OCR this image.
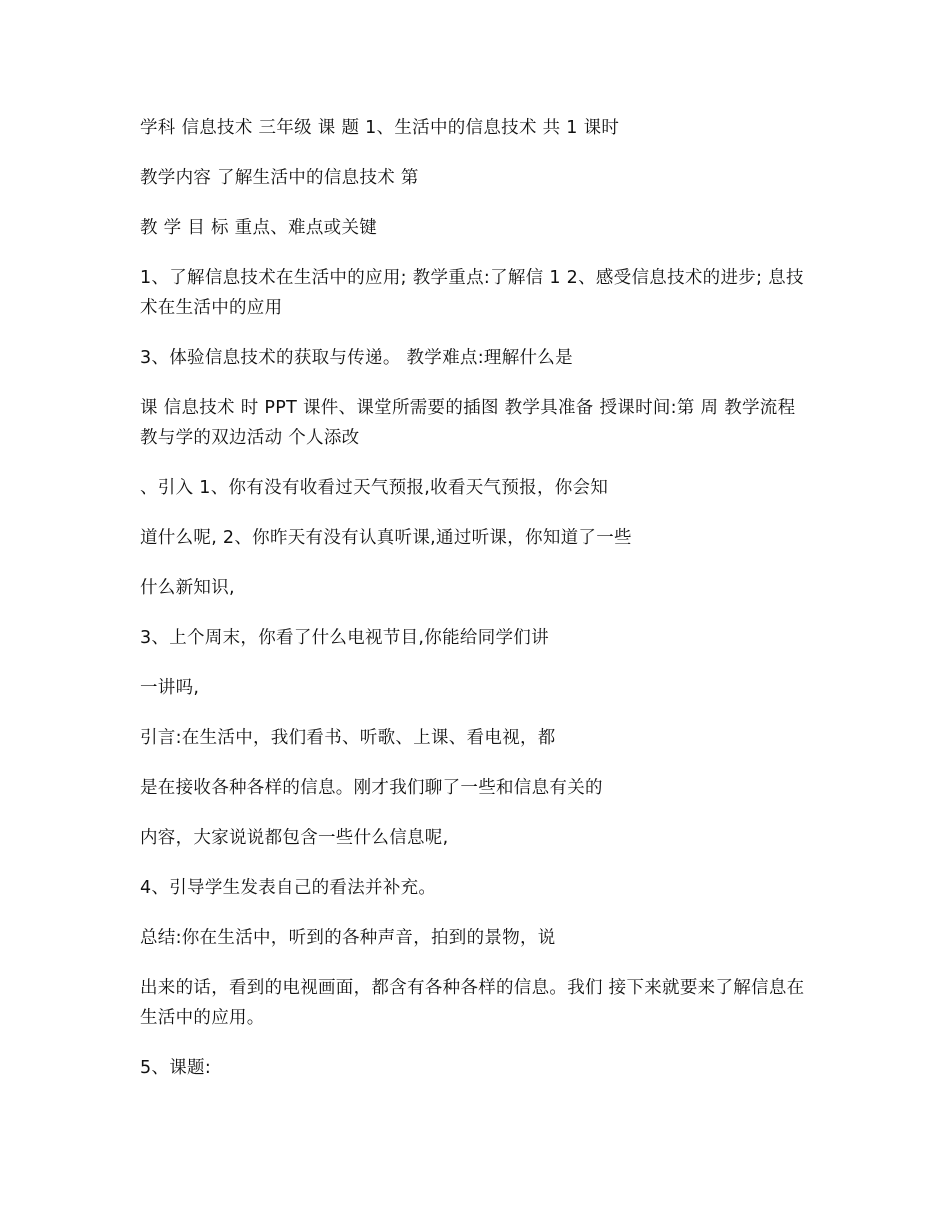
学科 信息技术 三年级 课 题 1、生活中的信息技术 共 1 课时

教学内容 了解生活中的信息技术 第

教 学 目 标 重点、难点或关键

1、了解信息技术在生活中的应用; 教学重点:了解信 1 2、感受信息技术的进步; 息技术在生活中的应用

3、体验信息技术的获取与传递。 教学难点:理解什么是

课 信息技术 时 PPT 课件、课堂所需要的插图 教学具准备 授课时间:第 周 教学流程 教与学的双边活动 个人添改

、引入 1、你有没有收看过天气预报,收看天气预报，你会知

道什么呢, 2、你昨天有没有认真听课,通过听课，你知道了一些

什么新知识,

3、上个周末，你看了什么电视节目,你能给同学们讲

一讲吗,

引言:在生活中，我们看书、听歌、上课、看电视，都

是在接收各种各样的信息。刚才我们聊了一些和信息有关的

内容，大家说说都包含一些什么信息呢,

4、引导学生发表自己的看法并补充。

总结:你在生活中，听到的各种声音，拍到的景物，说

出来的话，看到的电视画面，都含有各种各样的信息。我们 接下来就要来了解信息在生活中的应用。

5、课题:
